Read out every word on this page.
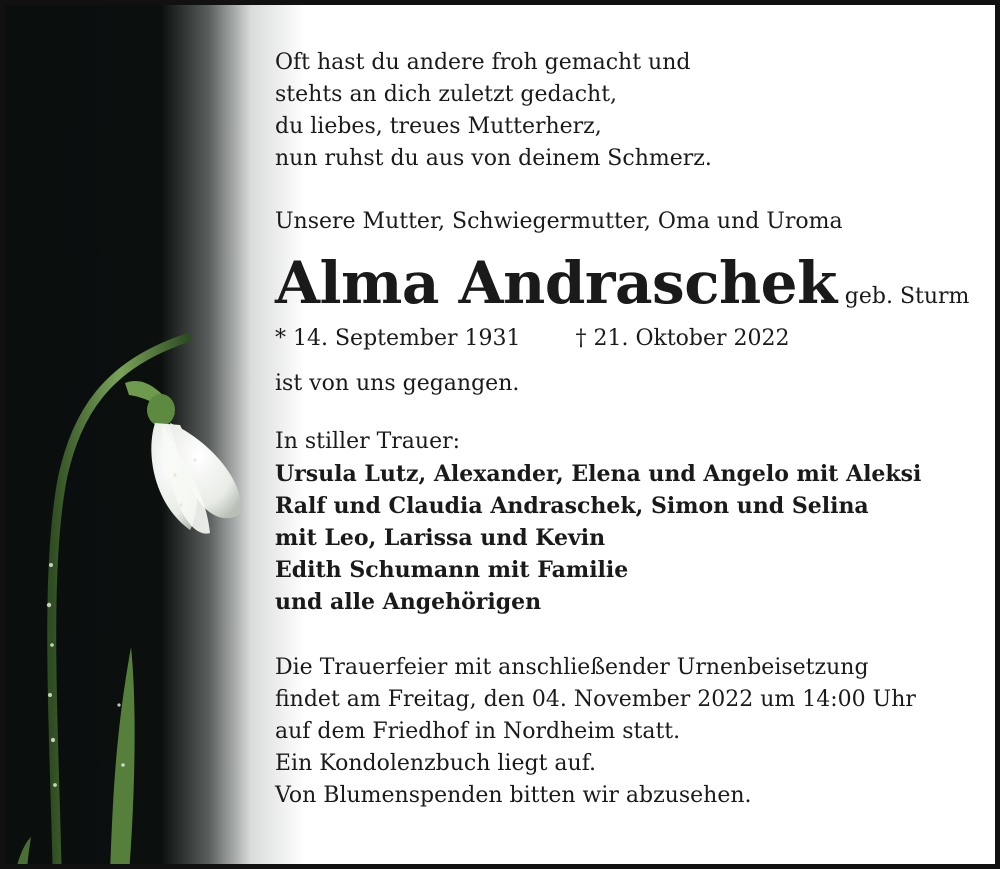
Oft hast du andere froh gemacht und
stehts an dich zuletzt gedacht,
du liebes, treues Mutterherz,
nun ruhst du aus von deinem Schmerz.
Unsere Mutter, Schwiegermutter, Oma und Uroma
Alma Andraschek geb. Sturm
* 14. September 1931	† 21. Oktober 2022
ist von uns gegangen.
In stiller Trauer:
Ursula Lutz, Alexander, Elena und Angelo mit Aleksi
Ralf und Claudia Andraschek, Simon und Selina
mit Leo, Larissa und Kevin
Edith Schumann mit Familie
und alle Angehörigen
Die Trauerfeier mit anschließender Urnenbeisetzung
findet am Freitag, den 04. November 2022 um 14:00 Uhr
auf dem Friedhof in Nordheim statt.
Ein Kondolenzbuch liegt auf.
Von Blumenspenden bitten wir abzusehen.
